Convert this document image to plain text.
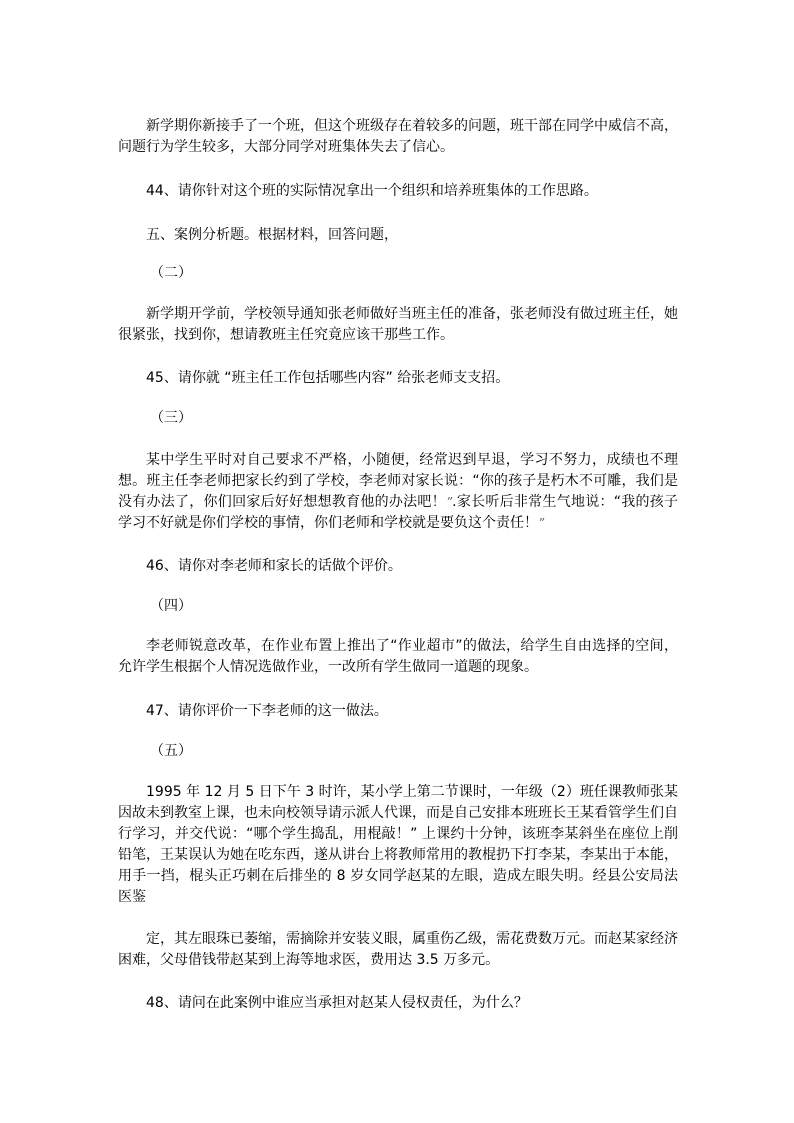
新学期你新接手了一个班，但这个班级存在着较多的问题，班干部在同学中威信不高，问题行为学生较多，大部分同学对班集体失去了信心。

44、请你针对这个班的实际情况拿出一个组织和培养班集体的工作思路。

五、案例分析题。根据材料，回答问题，

（二）

新学期开学前，学校领导通知张老师做好当班主任的准备，张老师没有做过班主任，她很紧张，找到你，想请教班主任究竟应该干那些工作。

45、请你就 “班主任工作包括哪些内容” 给张老师支支招。

（三）

某中学生平时对自己要求不严格，小随便，经常迟到早退，学习不努力，成绩也不理想。班主任李老师把家长约到了学校，李老师对家长说：“你的孩子是朽木不可雕，我们是没有办法了，你们回家后好好想想教育他的办法吧！”.家长听后非常生气地说：“我的孩子学习不好就是你们学校的事情，你们老师和学校就是要负这个责任！”

46、请你对李老师和家长的话做个评价。

（四）

李老师锐意改革，在作业布置上推出了“作业超市”的做法，给学生自由选择的空间，允许学生根据个人情况选做作业，一改所有学生做同一道题的现象。

47、请你评价一下李老师的这一做法。

（五）

1995 年 12 月 5 日下午 3 时许，某小学上第二节课时，一年级（2）班任课教师张某因故未到教室上课，也未向校领导请示派人代课，而是自己安排本班班长王某看管学生们自行学习，并交代说：“哪个学生捣乱，用棍敲！” 上课约十分钟，该班李某斜坐在座位上削铅笔，王某误认为她在吃东西，遂从讲台上将教师常用的教棍扔下打李某，李某出于本能，用手一挡，棍头正巧刺在后排坐的 8 岁女同学赵某的左眼，造成左眼失明。经县公安局法医鉴

定，其左眼珠已萎缩，需摘除并安装义眼，属重伤乙级，需花费数万元。而赵某家经济困难，父母借钱带赵某到上海等地求医，费用达 3.5 万多元。

48、请问在此案例中谁应当承担对赵某人侵权责任，为什么？
